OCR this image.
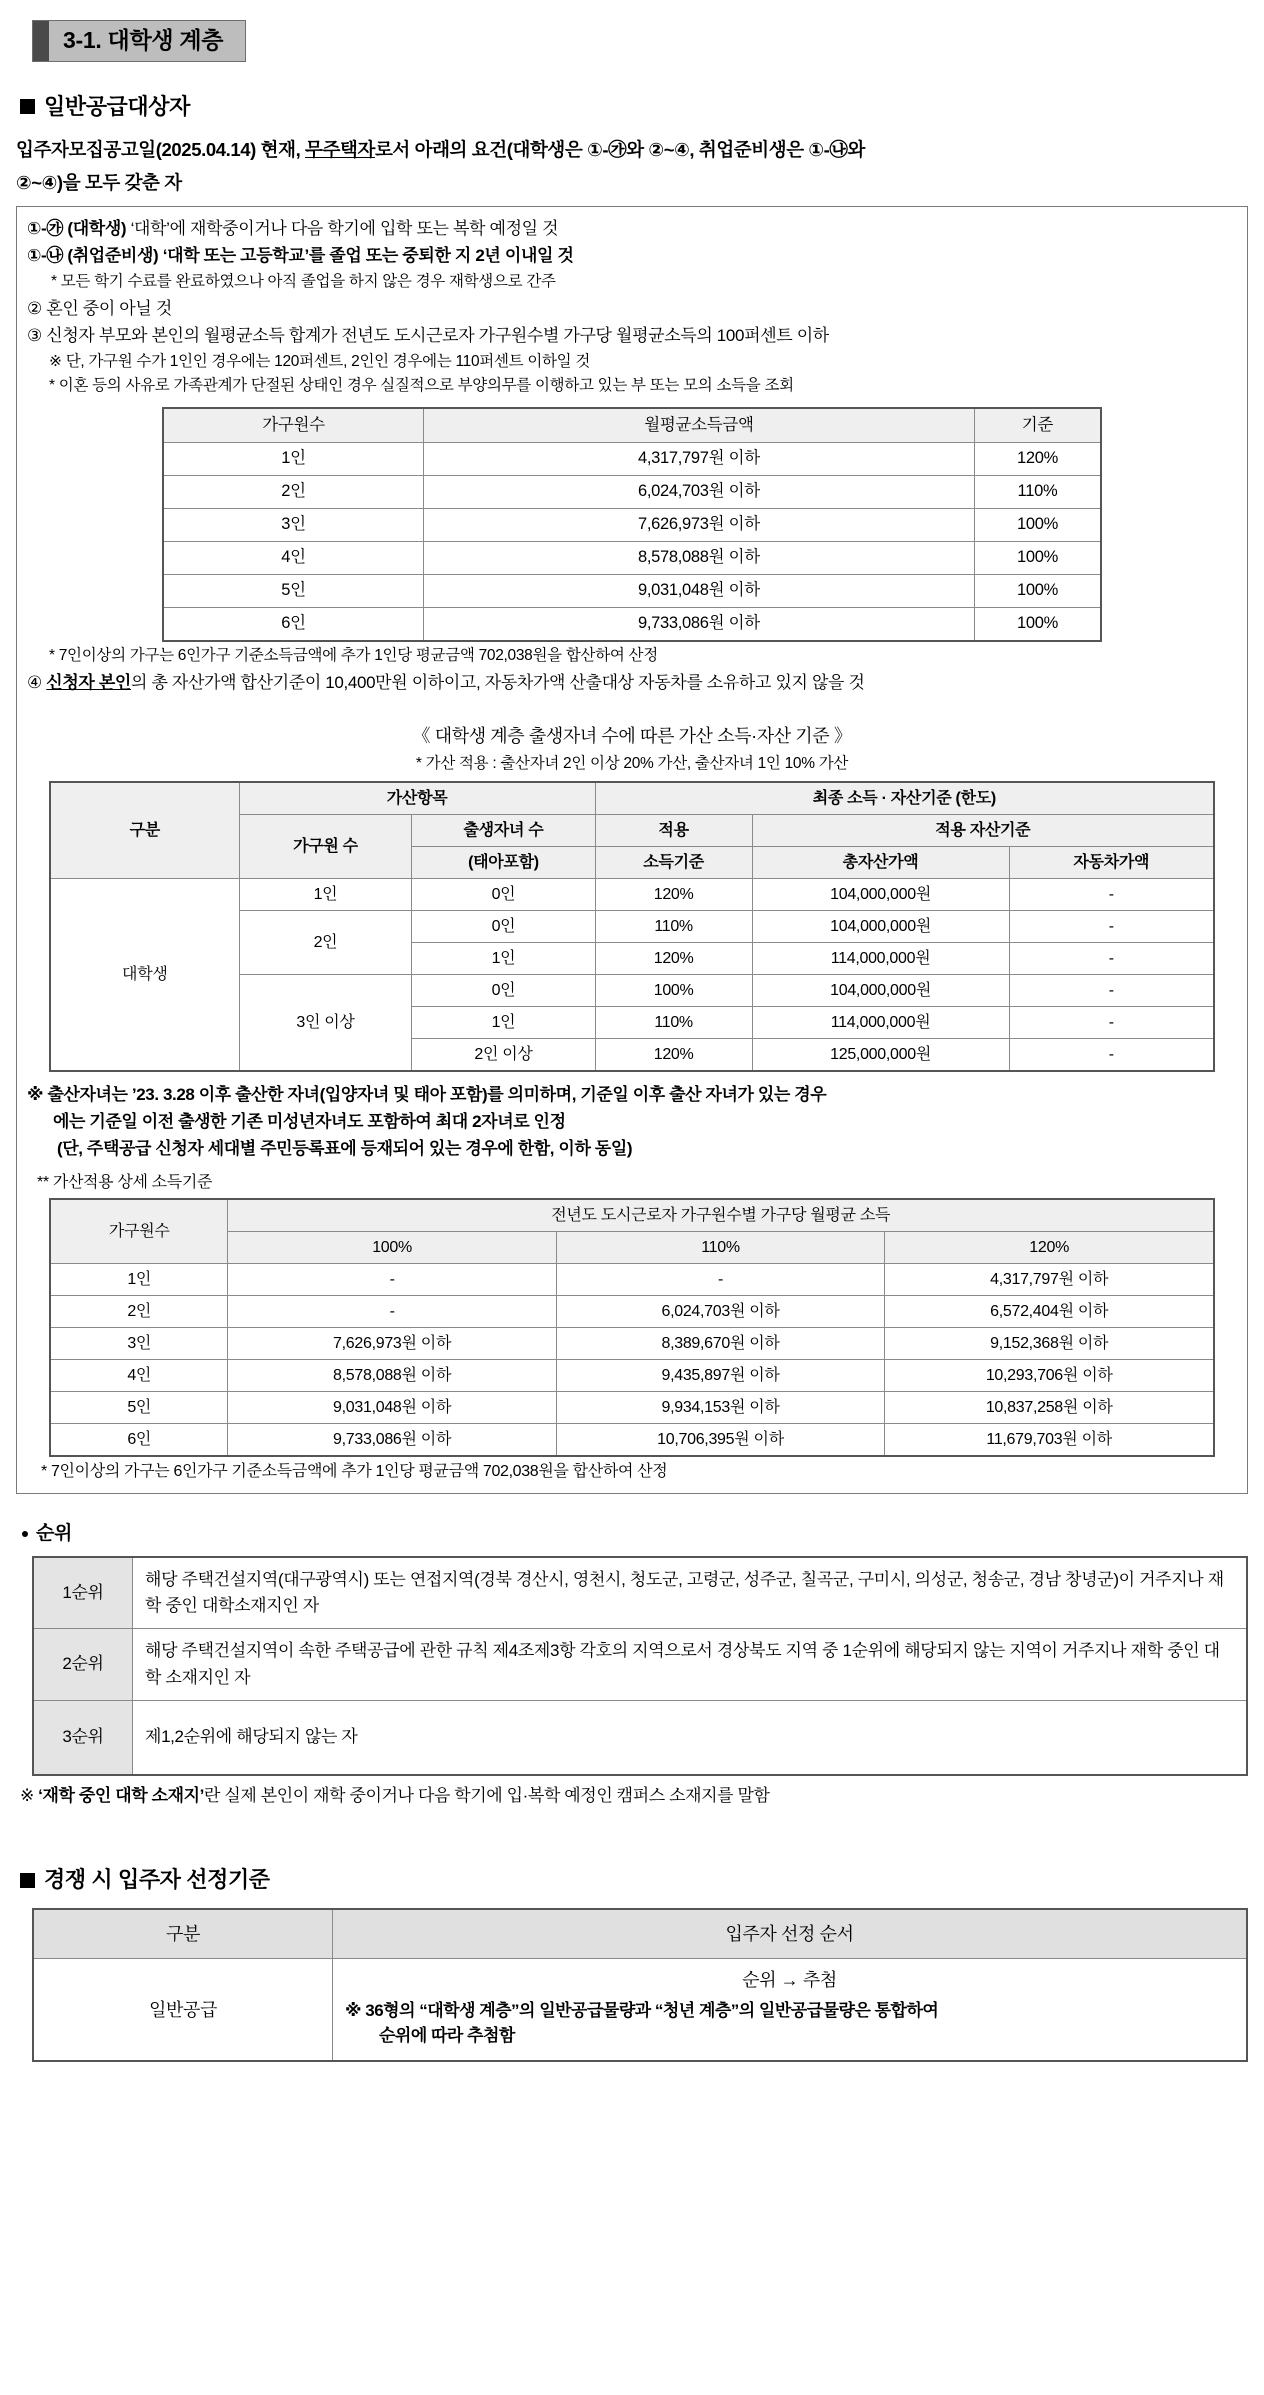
3-1. 대학생 계층
일반공급대상자
입주자모집공고일(2025.04.14) 현재, 무주택자로서 아래의 요건(대학생은 ①-㉮와 ②~④, 취업준비생은 ①-㉯와
②~④)을 모두 갖춘 자
①-㉮ (대학생) ‘대학’에 재학중이거나 다음 학기에 입학 또는 복학 예정일 것
①-㉯ (취업준비생) ‘대학 또는 고등학교’를 졸업 또는 중퇴한 지 2년 이내일 것
* 모든 학기 수료를 완료하였으나 아직 졸업을 하지 않은 경우 재학생으로 간주
② 혼인 중이 아닐 것
③ 신청자 부모와 본인의 월평균소득 합계가 전년도 도시근로자 가구원수별 가구당 월평균소득의 100퍼센트 이하
※ 단, 가구원 수가 1인인 경우에는 120퍼센트, 2인인 경우에는 110퍼센트 이하일 것
* 이혼 등의 사유로 가족관계가 단절된 상태인 경우 실질적으로 부양의무를 이행하고 있는 부 또는 모의 소득을 조회
가구원수	월평균소득금액	기준
1인	4,317,797원 이하	120%
2인	6,024,703원 이하	110%
3인	7,626,973원 이하	100%
4인	8,578,088원 이하	100%
5인	9,031,048원 이하	100%
6인	9,733,086원 이하	100%
* 7인이상의 가구는 6인가구 기준소득금액에 추가 1인당 평균금액 702,038원을 합산하여 산정
④ 신청자 본인의 총 자산가액 합산기준이 10,400만원 이하이고, 자동차가액 산출대상 자동차를 소유하고 있지 않을 것
《 대학생 계층 출생자녀 수에 따른 가산 소득·자산 기준 》
* 가산 적용 : 출산자녀 2인 이상 20% 가산, 출산자녀 1인 10% 가산
구분	가산항목		최종 소득 · 자산기준 (한도)		
	가구원 수	출생자녀 수	적용	적용 자산기준	
		(태아포함)	소득기준	총자산가액	자동차가액
대학생	1인	0인	120%	104,000,000원	-
	2인	0인	110%	104,000,000원	-
		1인	120%	114,000,000원	-
	3인 이상	0인	100%	104,000,000원	-
		1인	110%	114,000,000원	-
		2인 이상	120%	125,000,000원	-
※ 출산자녀는 ’23. 3.28 이후 출산한 자녀(입양자녀 및 태아 포함)를 의미하며, 기준일 이후 출산 자녀가 있는 경우
에는 기준일 이전 출생한 기존 미성년자녀도 포함하여 최대 2자녀로 인정
(단, 주택공급 신청자 세대별 주민등록표에 등재되어 있는 경우에 한함, 이하 동일)
** 가산적용 상세 소득기준
가구원수	전년도 도시근로자 가구원수별 가구당 월평균 소득		
	100%	110%	120%
1인	-	-	4,317,797원 이하
2인	-	6,024,703원 이하	6,572,404원 이하
3인	7,626,973원 이하	8,389,670원 이하	9,152,368원 이하
4인	8,578,088원 이하	9,435,897원 이하	10,293,706원 이하
5인	9,031,048원 이하	9,934,153원 이하	10,837,258원 이하
6인	9,733,086원 이하	10,706,395원 이하	11,679,703원 이하
* 7인이상의 가구는 6인가구 기준소득금액에 추가 1인당 평균금액 702,038원을 합산하여 산정
순위
1순위	해당 주택건설지역(대구광역시) 또는 연접지역(경북 경산시, 영천시, 청도군, 고령군, 성주군, 칠곡군, 구미시, 의성군, 청송군, 경남 창녕군)이 거주지나 재학 중인 대학소재지인 자
2순위	해당 주택건설지역이 속한 주택공급에 관한 규칙 제4조제3항 각호의 지역으로서 경상북도 지역 중 1순위에 해당되지 않는 지역이 거주지나 재학 중인 대학 소재지인 자
3순위	제1,2순위에 해당되지 않는 자
※ ‘재학 중인 대학 소재지’란 실제 본인이 재학 중이거나 다음 학기에 입·복학 예정인 캠퍼스 소재지를 말함
경쟁 시 입주자 선정기준
구분	입주자 선정 순서
일반공급	순위 → 추첨
※ 36형의 “대학생 계층”의 일반공급물량과 “청년 계층”의 일반공급물량은 통합하여
순위에 따라 추첨함
